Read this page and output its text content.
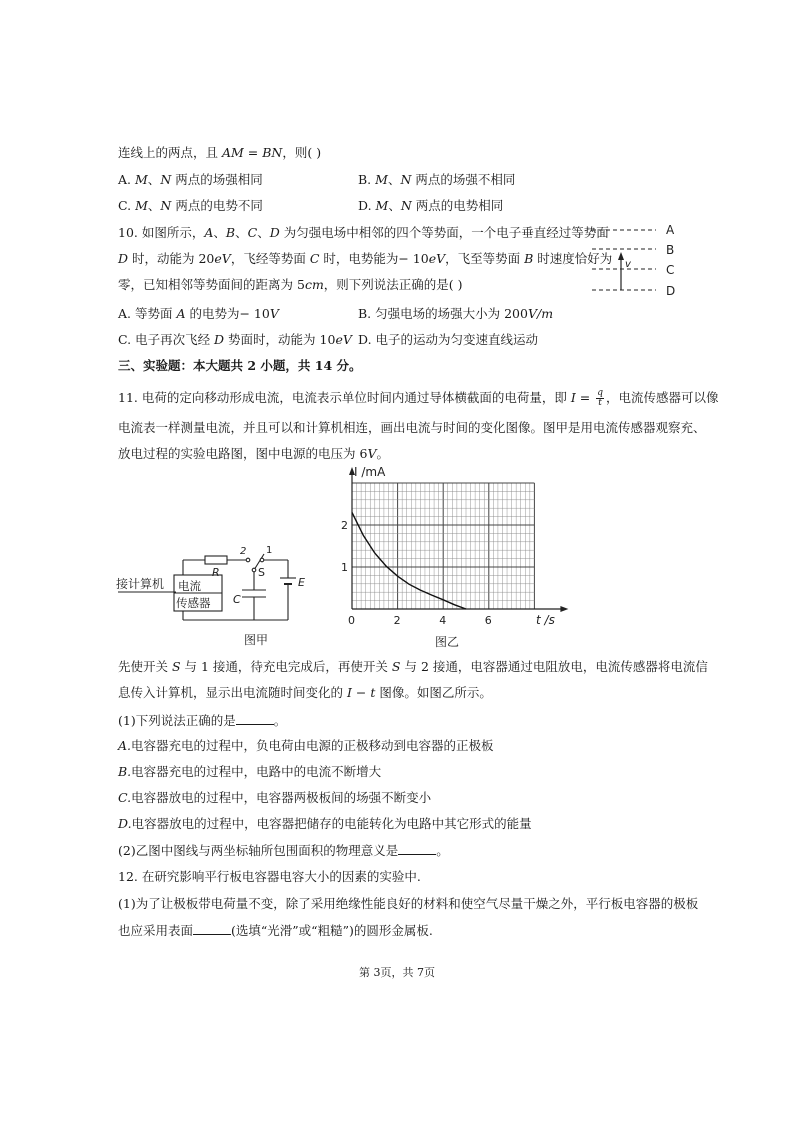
连线上的两点，且 AM = BN，则( )
A. M、N 两点的场强相同	B. M、N 两点的场强不相同
C. M、N 两点的电势不同	D. M、N 两点的电势相同
10. 如图所示，A、B、C、D 为匀强电场中相邻的四个等势面，一个电子垂直经过等势面
D 时，动能为 20eV，飞经等势面 C 时，电势能为− 10eV，飞至等势面 B 时速度恰好为
零，已知相邻等势面间的距离为 5cm，则下列说法正确的是( )
v
A
B
C
D
A. 等势面 A 的电势为− 10V	B. 匀强电场的场强大小为 200V/m
C. 电子再次飞经 D 势面时，动能为 10eV D. 电子的运动为匀变速直线运动
三、实验题：本大题共 2 小题，共 14 分。
11. 电荷的定向移动形成电流，电流表示单位时间内通过导体横截面的电荷量，即 $I = \frac{q}{t}$ ，电流传感器可以像
电流表一样测量电流，并且可以和计算机相连，画出电流与时间的变化图像。图甲是用电流传感器观察充、
放电过程的实验电路图，图中电源的电压为 6V。
接计算机 电流
传感器
R
2 1
S
E
C
图甲
0	2	4	6
1
2
I /mA
t /s
图乙
先使开关 S 与 1 接通，待充电完成后，再使开关 S 与 2 接通，电容器通过电阻放电，电流传感器将电流信
息传入计算机，显示出电流随时间变化的 I − t 图像。如图乙所示。
(1)下列说法正确的是	。
A.电容器充电的过程中，负电荷由电源的正极移动到电容器的正极板
B.电容器充电的过程中，电路中的电流不断增大
C.电容器放电的过程中，电容器两极板间的场强不断变小
D.电容器放电的过程中，电容器把储存的电能转化为电路中其它形式的能量
(2)乙图中图线与两坐标轴所包围面积的物理意义是	。
12. 在研究影响平行板电容器电容大小的因素的实验中.
(1)为了让极板带电荷量不变，除了采用绝缘性能良好的材料和使空气尽量干燥之外，平行板电容器的极板
也应采用表面	(选填“光滑”或“粗糙”)的圆形金属板.
第 3页，共 7页
